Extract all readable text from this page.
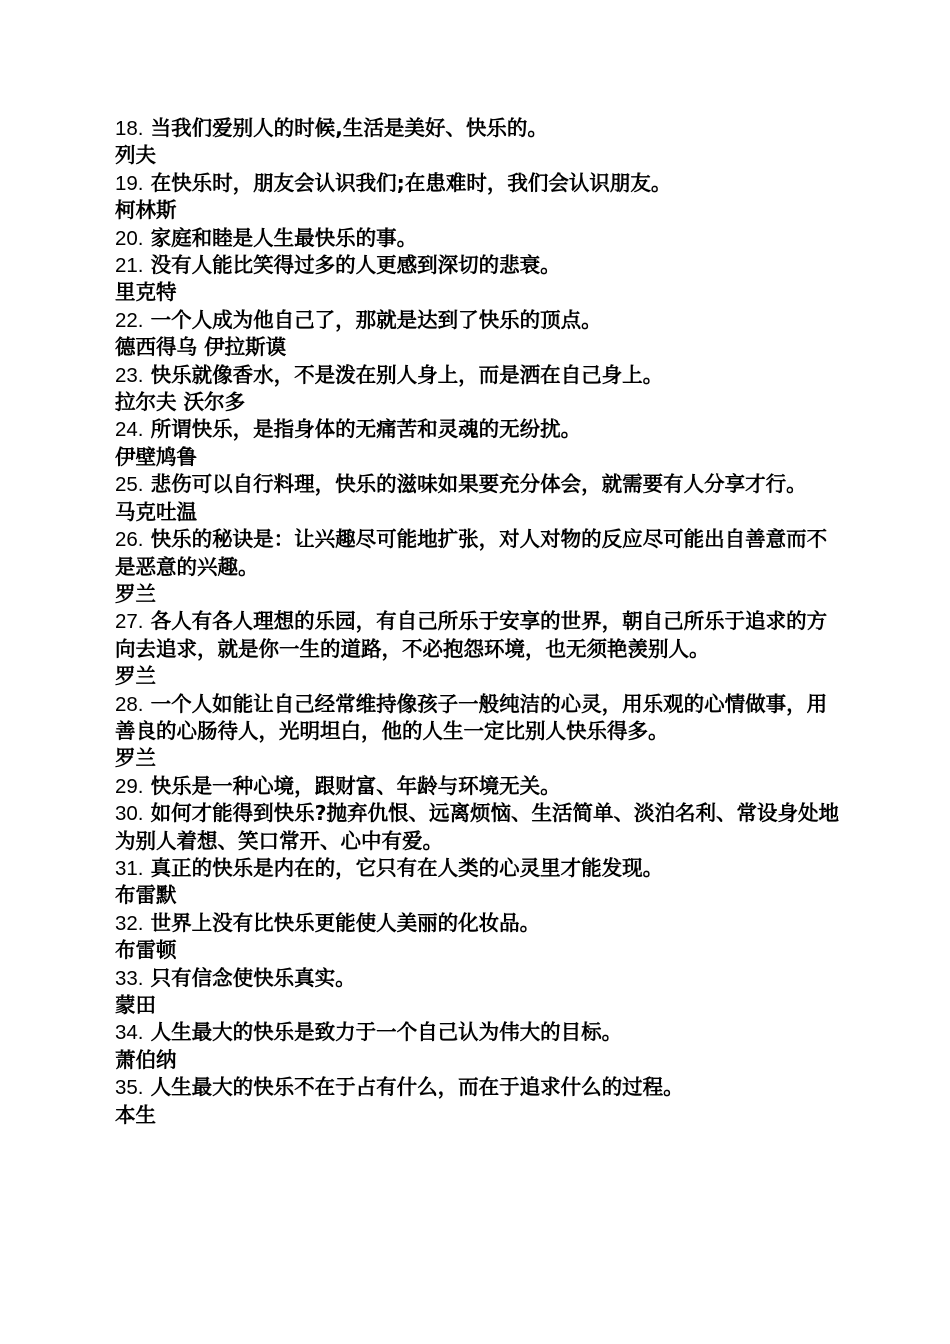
18. 当我们爱别人的时候,生活是美好、快乐的。
列夫
19. 在快乐时，朋友会认识我们;在患难时，我们会认识朋友。
柯林斯
20. 家庭和睦是人生最快乐的事。
21. 没有人能比笑得过多的人更感到深切的悲衰。
里克特
22. 一个人成为他自己了，那就是达到了快乐的顶点。
德西得乌 伊拉斯谟
23. 快乐就像香水，不是泼在别人身上，而是洒在自己身上。
拉尔夫 沃尔多
24. 所谓快乐，是指身体的无痛苦和灵魂的无纷扰。
伊壁鸠鲁
25. 悲伤可以自行料理，快乐的滋味如果要充分体会，就需要有人分享才行。
马克吐温
26. 快乐的秘诀是：让兴趣尽可能地扩张，对人对物的反应尽可能出自善意而不是恶意的兴趣。
罗兰
27. 各人有各人理想的乐园，有自己所乐于安享的世界，朝自己所乐于追求的方向去追求，就是你一生的道路，不必抱怨环境，也无须艳羡别人。
罗兰
28. 一个人如能让自己经常维持像孩子一般纯洁的心灵，用乐观的心情做事，用善良的心肠待人，光明坦白，他的人生一定比别人快乐得多。
罗兰
29. 快乐是一种心境，跟财富、年龄与环境无关。
30. 如何才能得到快乐?抛弃仇恨、远离烦恼、生活简单、淡泊名利、常设身处地为别人着想、笑口常开、心中有爱。
31. 真正的快乐是内在的，它只有在人类的心灵里才能发现。
布雷默
32. 世界上没有比快乐更能使人美丽的化妆品。
布雷顿
33. 只有信念使快乐真实。
蒙田
34. 人生最大的快乐是致力于一个自己认为伟大的目标。
萧伯纳
35. 人生最大的快乐不在于占有什么，而在于追求什么的过程。
本生
